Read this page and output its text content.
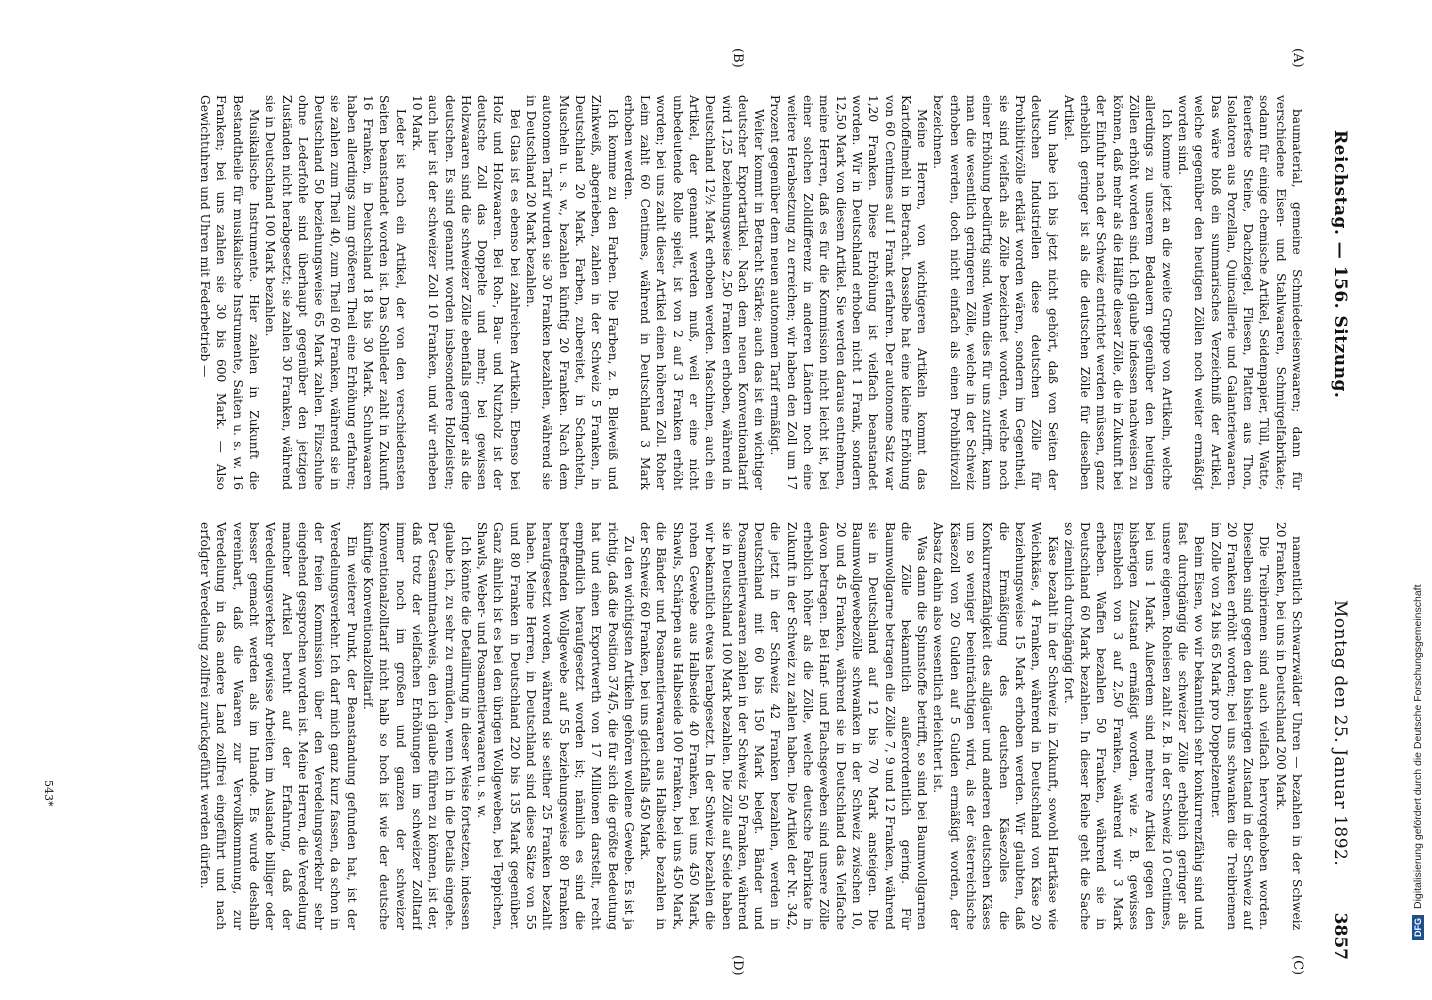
Reichstag. — 156. Sitzung.
Montag den 25. Januar 1892.
3857
(A)
(B)
(C)
(D)

baumaterial, gemeine Schmiedeeisenwaaren; dann für verschiedene Eisen- und Stahlwaaren, Schmirgelfabrikate; sodann für einige chemische Artikel, Seidenpapier, Tüll, Watte, feuerfeste Steine, Dachziegel, Fliesen, Platten aus Thon, Isolatoren aus Porzellan, Quincaillerie und Galanteriewaaren. Das wäre bloß ein summarisches Verzeichniß der Artikel, welche gegenüber den heutigen Zöllen noch weiter ermäßigt worden sind.

Ich komme jetzt an die zweite Gruppe von Artikeln, welche allerdings zu unserem Bedauern gegenüber den heutigen Zöllen erhöht worden sind. Ich glaube indessen nachweisen zu können, daß mehr als die Hälfte dieser Zölle, die in Zukunft bei der Einfuhr nach der Schweiz entrichtet werden müssen, ganz erheblich geringer ist als die deutschen Zölle für dieselben Artikel.

Nun habe ich bis jetzt nicht gehört, daß von Seiten der deutschen Industriellen diese deutschen Zölle für Prohibitivzölle erklärt worden wären, sondern im Gegentheil, sie sind vielfach als Zölle bezeichnet worden, welche noch einer Erhöhung bedürftig sind. Wenn dies für uns zutrifft, kann man die wesentlich geringeren Zölle, welche in der Schweiz erhoben werden, doch nicht einfach als einen Prohibitivzoll bezeichnen.

Meine Herren, von wichtigeren Artikeln kommt das Kartoffelmehl in Betracht. Dasselbe hat eine kleine Erhöhung von 60 Centimes auf 1 Frank erfahren. Der autonome Satz war 1,20 Franken. Diese Erhöhung ist vielfach beanstandet worden. Wir in Deutschland erhoben nicht 1 Frank, sondern 12,50 Mark von diesem Artikel. Sie werden daraus entnehmen, meine Herren, daß es für die Kommission nicht leicht ist, bei einer solchen Zolldifferenz in anderen Ländern noch eine weitere Herabsetzung zu erreichen; wir haben den Zoll um 17 Prozent gegenüber dem neuen autonomen Tarif ermäßigt.

Weiter kommt in Betracht Stärke; auch das ist ein wichtiger deutscher Exportartikel. Nach dem neuen Konventionaltarif wird 1,25 beziehungsweise 2,50 Franken erhoben, während in Deutschland 12½ Mark erhoben werden. Maschinen, auch ein Artikel, der genannt werden muß, weil er eine nicht unbedeutende Rolle spielt, ist von 2 auf 3 Franken erhöht worden; bei uns zahlt dieser Artikel einen höheren Zoll. Roher Leim zahlt 60 Centimes, während in Deutschland 3 Mark erhoben werden.

Ich komme zu den Farben. Die Farben, z. B. Bleiweiß und Zinkweiß, abgerieben, zahlen in der Schweiz 5 Franken, in Deutschland 20 Mark. Farben, zubereitet, in Schachteln, Muscheln u. s. w., bezahlen künftig 20 Franken. Nach dem autonomen Tarif wurden sie 30 Franken bezahlen, während sie in Deutschland 20 Mark bezahlen.

Bei Glas ist es ebenso bei zahlreichen Artikeln. Ebenso bei Holz und Holzwaaren. Bei Roh-, Bau- und Nutzholz ist der deutsche Zoll das Doppelte und mehr; bei gewissen Holzwaaren sind die schweizer Zölle ebenfalls geringer als die deutschen. Es sind genannt worden insbesondere Holzleisten; auch hier ist der schweizer Zoll 10 Franken, und wir erheben 10 Mark.

Leder ist noch ein Artikel, der von den verschiedensten Seiten beanstandet worden ist. Das Sohlleder zahlt in Zukunft 16 Franken, in Deutschland 18 bis 30 Mark. Schuhwaaren haben allerdings zum größeren Theil eine Erhöhung erfahren; sie zahlen zum Theil 40, zum Theil 60 Franken, während sie in Deutschland 50 beziehungsweise 65 Mark zahlen. Filzschuhe ohne Lederfohle sind überhaupt gegenüber den jetzigen Zuständen nicht herabgesetzt; sie zahlen 30 Franken, während sie in Deutschland 100 Mark bezahlen.

Musikalische Instrumente. Hier zahlen in Zukunft die Bestandtheile für musikalische Instrumente, Saiten u. s. w. 16 Franken; bei uns zahlen sie 30 bis 600 Mark. — Also Gewichtuhren und Uhren mit Federbetrieb —

namentlich Schwarzwälder Uhren — bezahlen in der Schweiz 20 Franken, bei uns in Deutschland 200 Mark.

Die Treibriemen sind auch vielfach hervorgehoben worden. Dieselben sind gegen den bisherigen Zustand in der Schweiz auf 20 Franken erhöht worden; bei uns schwanken die Treibriemen im Zolle von 24 bis 65 Mark pro Doppelzentner.

Beim Eisen, wo wir bekanntlich sehr konkurrenzfähig sind und fast durchgängig die schweizer Zölle erheblich geringer als unsere eigenen. Roheisen zahlt z. B. in der Schweiz 10 Centimes, bei uns 1 Mark. Außerdem sind mehrere Artikel gegen den bisherigen Zustand ermäßigt worden, wie z. B. gewisses Eisenblech von 3 auf 2,50 Franken, während wir 3 Mark erheben. Waffen bezahlen 50 Franken, während sie in Deutschland 60 Mark bezahlen. In dieser Reihe geht die Sache so ziemlich durchgängig fort.

Käse bezahlt in der Schweiz in Zukunft, sowohl Hartkäse wie Weichkäse, 4 Franken, während in Deutschland von Käse 20 beziehungsweise 15 Mark erhoben werden. Wir glaubten, daß die Ermäßigung des deutschen Käsezolles die Konkurrenzfähigkeit des allgäuer und anderen deutschen Käses um so weniger beeinträchtigen wird, als der österreichische Käsezoll von 20 Gulden auf 5 Gulden ermäßigt worden, der Absatz dahin also wesentlich erleichtert ist.

Was dann die Spinnstoffe betrifft, so sind bei Baumwollgarnen die Zölle bekanntlich außerordentlich gering. Für Baumwollgarne betragen die Zölle 7, 9 und 12 Franken, während sie in Deutschland auf 12 bis 70 Mark ansteigen. Die Baumwollgewebezölle schwanken in der Schweiz zwischen 10, 20 und 45 Franken, während sie in Deutschland das Vielfache davon betragen. Bei Hanf- und Flachsgeweben sind unsere Zölle erheblich höher als die Zölle, welche deutsche Fabrikate in Zukunft in der Schweiz zu zahlen haben. Die Artikel der Nr. 342, die jetzt in der Schweiz 42 Franken bezahlen, werden in Deutschland mit 60 bis 150 Mark belegt. Bänder und Posamentierwaaren zahlen in der Schweiz 50 Franken, während sie in Deutschland 100 Mark bezahlen. Die Zölle auf Seide haben wir bekanntlich etwas herabgesetzt. In der Schweiz bezahlen die rohen Gewebe aus Halbseide 40 Franken, bei uns 450 Mark, Shawls, Schärpen aus Halbseide 100 Franken, bei uns 450 Mark, die Bänder und Posamentierwaaren aus Halbseide bezahlen in der Schweiz 60 Franken, bei uns gleichfalls 450 Mark.

Zu den wichtigsten Artikeln gehören wollene Gewebe. Es ist ja richtig, daß die Position 374/5, die für sich die größte Bedeutung hat und einen Exportwerth von 17 Millionen darstellt, recht empfindlich heraufgesetzt worden ist; nämlich es sind die betreffenden Wollgewebe auf 55 beziehungsweise 80 Franken heraufgesetzt worden, während sie seither 25 Franken bezahlt haben. Meine Herren, in Deutschland sind diese Sätze von 55 und 80 Franken in Deutschland 220 bis 135 Mark gegenüber. Ganz ähnlich ist es bei den übrigen Wollgeweben, bei Teppichen, Shawls, Weber- und Posamentierwaaren u. s. w.

Ich könnte die Detaillirung in dieser Weise fortsetzen, indessen glaube ich, zu sehr zu ermüden, wenn ich in die Details eingehe. Der Gesammtnachweis, den ich glaube führen zu können, ist der, daß trotz der vielfachen Erhöhungen im schweizer Zolltarif immer noch im großen und ganzen der schweizer Konventionalzolltarif nicht halb so hoch ist wie der deutsche künftige Konventionalzolltarif.

Ein weiterer Punkt, der Beanstandung gefunden hat, ist der Veredelungsverkehr. Ich darf mich ganz kurz fassen, da schon in der freien Kommission über den Veredelungsverkehr sehr eingehend gesprochen worden ist. Meine Herren, die Veredelung mancher Artikel beruht auf der Erfahrung, daß der Veredelungsverkehr gewisse Arbeiten im Auslande billiger oder besser gemacht werden als im Inlande. Es wurde deshalb vereinbart, daß die Waaren zur Vervollkommnung, zur Veredelung in das andere Land zollfrei eingeführt und nach erfolgter Veredelung zollfrei zurückgeführt werden dürfen.

543*
DFG
Digitalisierung gefördert durch die Deutsche Forschungsgemeinschaft
